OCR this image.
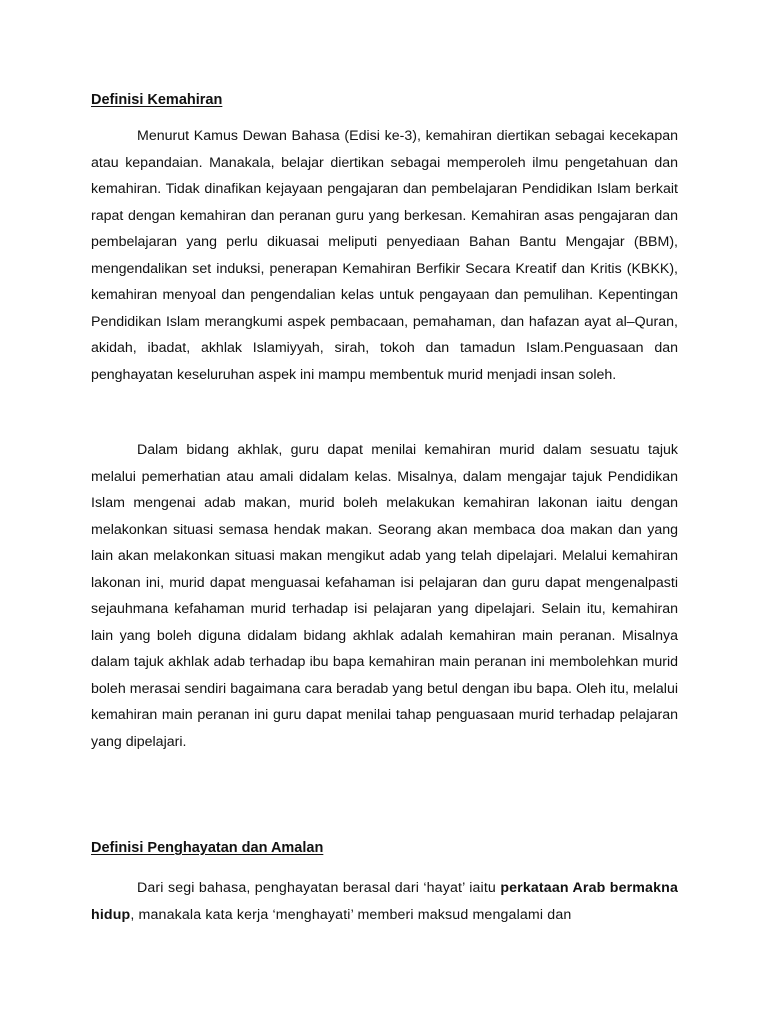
Definisi Kemahiran

Menurut Kamus Dewan Bahasa (Edisi ke-3), kemahiran diertikan sebagai kecekapan atau kepandaian. Manakala, belajar diertikan sebagai memperoleh ilmu pengetahuan dan kemahiran. Tidak dinafikan kejayaan pengajaran dan pembelajaran Pendidikan Islam berkait rapat dengan kemahiran dan peranan guru yang berkesan. Kemahiran asas pengajaran dan pembelajaran yang perlu dikuasai meliputi penyediaan Bahan Bantu Mengajar (BBM), mengendalikan set induksi, penerapan Kemahiran Berfikir Secara Kreatif dan Kritis (KBKK), kemahiran menyoal dan pengendalian kelas untuk pengayaan dan pemulihan. Kepentingan Pendidikan Islam merangkumi aspek pembacaan, pemahaman, dan hafazan ayat al–Quran, akidah, ibadat, akhlak Islamiyyah, sirah, tokoh dan tamadun Islam.Penguasaan dan penghayatan keseluruhan aspek ini mampu membentuk murid menjadi insan soleh.

Dalam bidang akhlak, guru dapat menilai kemahiran murid dalam sesuatu tajuk melalui pemerhatian atau amali didalam kelas. Misalnya, dalam mengajar tajuk Pendidikan Islam mengenai adab makan, murid boleh melakukan kemahiran lakonan iaitu dengan melakonkan situasi semasa hendak makan. Seorang akan membaca doa makan dan yang lain akan melakonkan situasi makan mengikut adab yang telah dipelajari. Melalui kemahiran lakonan ini, murid dapat menguasai kefahaman isi pelajaran dan guru dapat mengenalpasti sejauhmana kefahaman murid terhadap isi pelajaran yang dipelajari. Selain itu, kemahiran lain yang boleh diguna didalam bidang akhlak adalah kemahiran main peranan. Misalnya dalam tajuk akhlak adab terhadap ibu bapa kemahiran main peranan ini membolehkan murid boleh merasai sendiri bagaimana cara beradab yang betul dengan ibu bapa. Oleh itu, melalui kemahiran main peranan ini guru dapat menilai tahap penguasaan murid terhadap pelajaran yang dipelajari.

Definisi Penghayatan dan Amalan

Dari segi bahasa, penghayatan berasal dari ‘hayat’ iaitu perkataan Arab bermakna hidup, manakala kata kerja ‘menghayati’ memberi maksud mengalami dan
